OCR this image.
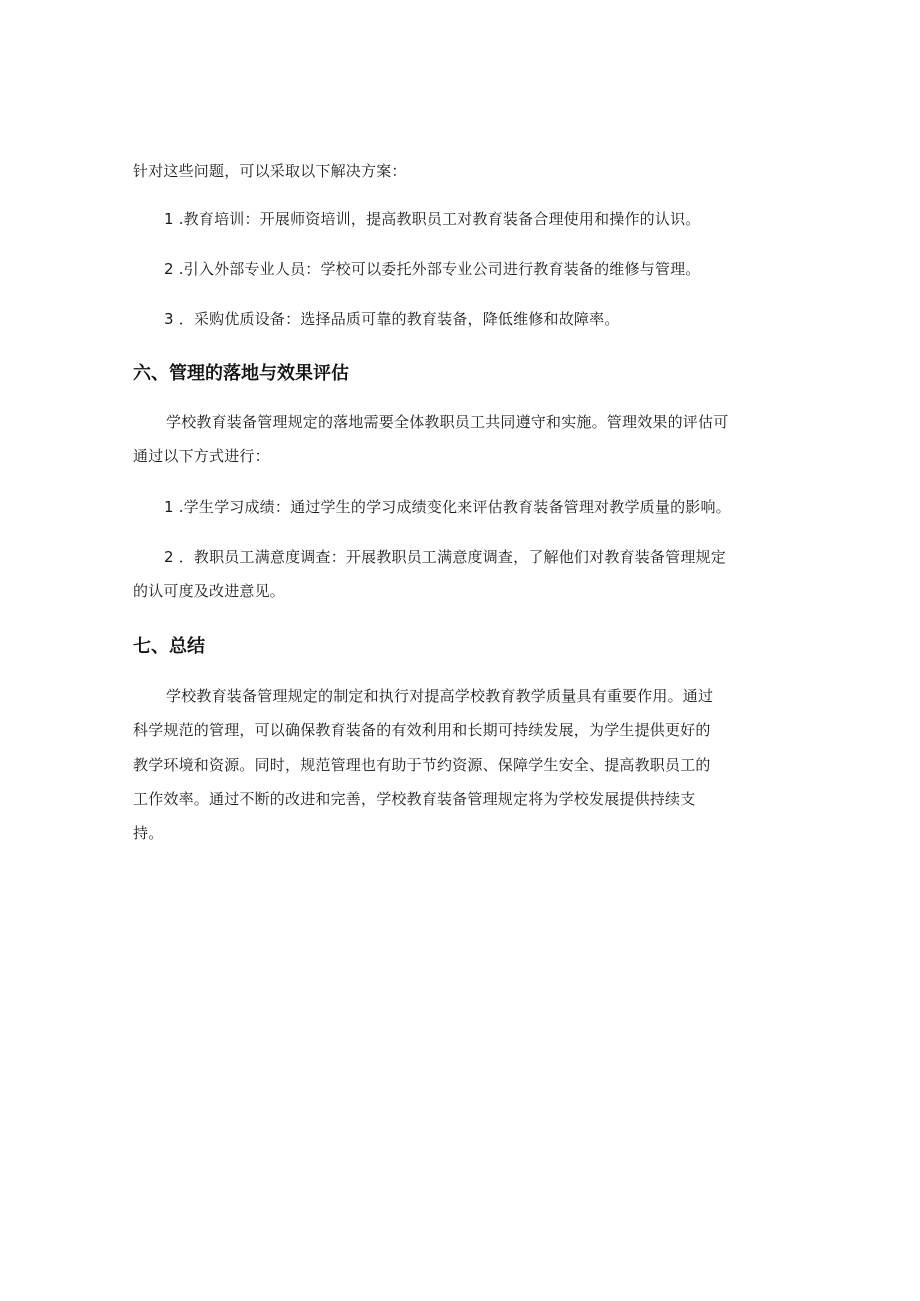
针对这些问题，可以采取以下解决方案：
1 .教育培训：开展师资培训，提高教职员工对教育装备合理使用和操作的认识。
2 .引入外部专业人员：学校可以委托外部专业公司进行教育装备的维修与管理。
3 ．采购优质设备：选择品质可靠的教育装备，降低维修和故障率。
六、管理的落地与效果评估
学校教育装备管理规定的落地需要全体教职员工共同遵守和实施。管理效果的评估可
通过以下方式进行：
1 .学生学习成绩：通过学生的学习成绩变化来评估教育装备管理对教学质量的影响。
2 ．教职员工满意度调查：开展教职员工满意度调查，了解他们对教育装备管理规定
的认可度及改进意见。
七、总结
学校教育装备管理规定的制定和执行对提高学校教育教学质量具有重要作用。通过
科学规范的管理，可以确保教育装备的有效利用和长期可持续发展，为学生提供更好的
教学环境和资源。同时，规范管理也有助于节约资源、保障学生安全、提高教职员工的
工作效率。通过不断的改进和完善，学校教育装备管理规定将为学校发展提供持续支
持。
